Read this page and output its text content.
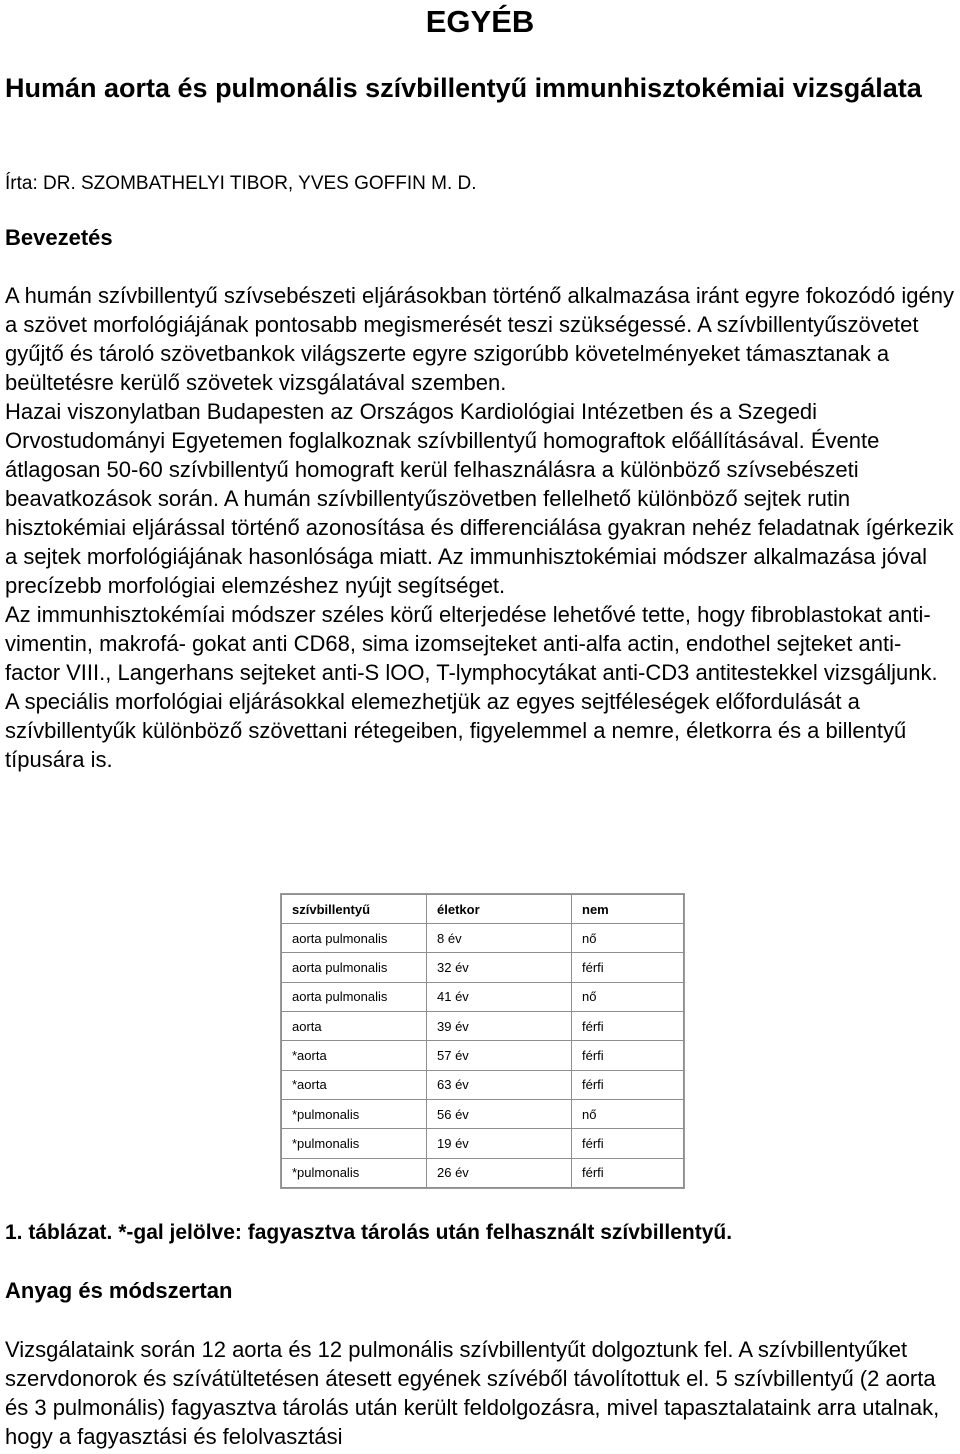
EGYÉB
Humán aorta és pulmonális szívbillentyű immunhisztokémiai vizsgálata
Írta: DR. SZOMBATHELYI TIBOR, YVES GOFFIN M. D.
Bevezetés

A humán szívbillentyű szívsebészeti eljárásokban történő alkalmazása iránt egyre fokozódó igény a szövet morfológiájának pontosabb megismerését teszi szükségessé. A szívbillentyűszövetet gyűjtő és tároló szövetbankok világszerte egyre szigorúbb követelményeket támasztanak a beültetésre kerülő szövetek vizsgálatával szemben.

Hazai viszonylatban Budapesten az Országos Kardiológiai Intézetben és a Szegedi Orvostudományi Egyetemen foglalkoznak szívbillentyű homograftok előállításával. Évente átlagosan 50-60 szívbillentyű homograft kerül felhasználásra a különböző szívsebészeti beavatkozások során. A humán szívbillentyűszövetben fellelhető különböző sejtek rutin hisztokémiai eljárással történő azonosítása és differenciálása gyakran nehéz feladatnak ígérkezik a sejtek morfológiájának hasonlósága miatt. Az immunhisztokémiai módszer alkalmazása jóval precízebb morfológiai elemzéshez nyújt segítséget.

Az immunhisztokémíai módszer széles körű elterjedése lehetővé tette, hogy fibroblastokat anti-vimentin, makrofá- gokat anti CD68, sima izomsejteket anti-alfa actin, endothel sejteket anti-factor VIII., Langerhans sejteket anti-S lOO, T-lymphocytákat anti-CD3 antitestekkel vizsgáljunk.

A speciális morfológiai eljárásokkal elemezhetjük az egyes sejtféleségek előfordulását a szívbillentyűk különböző szövettani rétegeiben, figyelemmel a nemre, életkorra és a billentyű típusára is.

szívbillentyű	életkor	nem
aorta pulmonalis	8 év	nő
aorta pulmonalis	32 év	férfi
aorta pulmonalis	41 év	nő
aorta	39 év	férfi
*aorta	57 év	férfi
*aorta	63 év	férfi
*pulmonalis	56 év	nő
*pulmonalis	19 év	férfi
*pulmonalis	26 év	férfi
1. táblázat. *-gal jelölve: fagyasztva tárolás után felhasznált szívbillentyű.
Anyag és módszertan

Vizsgálataink során 12 aorta és 12 pulmonális szívbillentyűt dolgoztunk fel. A szívbillentyűket szervdonorok és szívátültetésen átesett egyének szívéből távolítottuk el. 5 szívbillentyű (2 aorta és 3 pulmonális) fagyasztva tárolás után került feldolgozásra, mivel tapasztalataink arra utalnak, hogy a fagyasztási és felolvasztási
